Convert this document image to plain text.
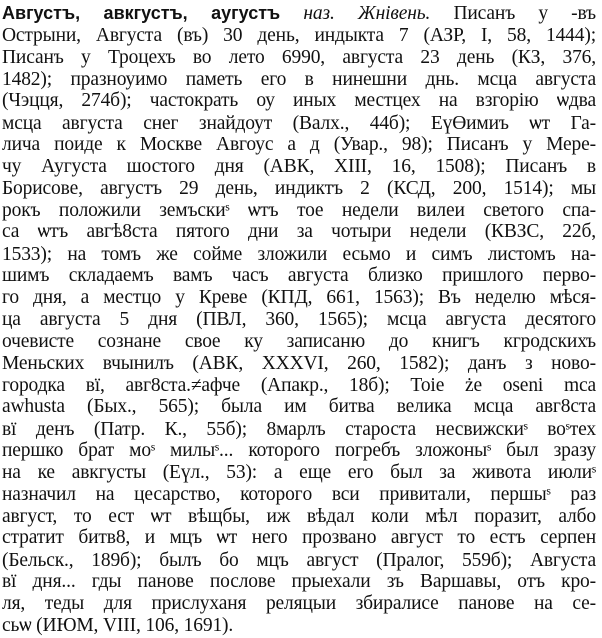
Августъ, авкгустъ, аугустъ наз. Жнівень. Писанъ у ‑въ
Острыни, Августа (въ) 30 день, индыкта 7 (АЗР, I, 58, 1444);
Писанъ у Троцехъ во лето 6990, августа 23 день (КЗ, 376,
1482); празноуимо паметь его в нинешни днь. мсца августа
(Чэцця, 274б); частократь оу иных местцех на взгорію ѡдва
мсца августа снег знайдоут (Валх., 44б); ЕүӨимиъ ѡт Га‑
лича поиде к Москве Авгоус а д (Увар., 98); Писанъ у Мерe‑
чу Аугуста шостого дня (АВК, XIII, 16, 1508); Писанъ в
Борисове, августъ 29 день, индиктъ 2 (КСД, 200, 1514); мы
рокъ положили земъскиˢ ѡтъ тое недели вилеи светого спа‑
са ѡтъ авгѣ8ста пятого дни за чотыри недели (КВЗС, 22б,
1533); на томъ же сойме зложили есьмо и симъ листомъ на‑
шимъ складаемъ вамъ часъ августа близко пришлого перво‑
го дня, а местцо у Креве (КПД, 661, 1563); Въ неделю мѣся‑
ца августа 5 дня (ПВЛ, 360, 1565); мсца августа десятого
очевисте сознане своe ку записаню до книгъ кгродскихъ
Меньских вчынилъ (АВК, XXXVI, 260, 1582); данъ з новo‑
городка вї, авг8ста.≠афче (Апакр., 18б); Toie że oseni mca
awhusta (Бых., 565); была им битва велика мсца авг8ста
вї денъ (Патр. К., 55б); 8марлъ староста несвижскиˢ воˢтех
першко брат моˢ милыˢ... которого погребъ зложоныˢ был зразу
на ке авкгусты (Еүл., 53): а еще его был за живота июлиˢ
назначил на цесарство, которогo вси привитали, першыˢ раз
август, то ест ѡт вѣщбы, иж вѣдал коли мѣл поразит, албо
стратит битв8, и мцъ ѡт него прозвано август то естъ серпен
(Бельск., 189б); былъ бо мцъ август (Пралог, 559б); Августа
вї дня... гды панове послове прыехали зъ Варшавы, отъ кро‑
ля, теды для прислуханя реляцыи збиралисе панове на се‑
сьѡ (ИЮМ, VIII, 106, 1691).
